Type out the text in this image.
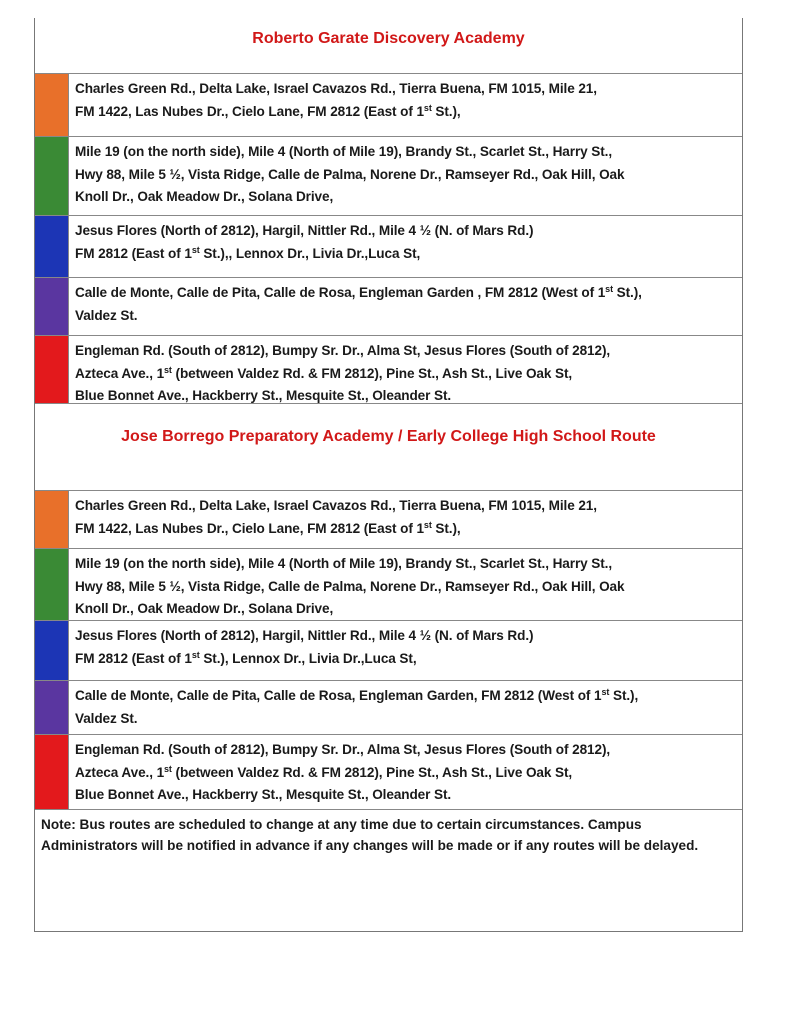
Roberto Garate Discovery Academy
Charles Green Rd., Delta Lake, Israel Cavazos Rd., Tierra Buena, FM 1015, Mile 21,
FM 1422, Las Nubes Dr., Cielo Lane, FM 2812 (East of 1st St.),
Mile 19 (on the north side), Mile 4 (North of Mile 19), Brandy St., Scarlet St., Harry St.,
Hwy 88, Mile 5 ½, Vista Ridge, Calle de Palma, Norene Dr., Ramseyer Rd., Oak Hill, Oak
Knoll Dr., Oak Meadow Dr., Solana Drive,
Jesus Flores (North of 2812), Hargil, Nittler Rd., Mile 4 ½ (N. of Mars Rd.)
FM 2812 (East of 1st St.),, Lennox Dr., Livia Dr.,Luca St,
Calle de Monte, Calle de Pita, Calle de Rosa, Engleman Garden , FM 2812 (West of 1st St.),
Valdez St.
Engleman Rd. (South of 2812), Bumpy Sr. Dr., Alma St, Jesus Flores (South of 2812),
Azteca Ave., 1st (between Valdez Rd. & FM 2812), Pine St., Ash St., Live Oak St,
Blue Bonnet Ave., Hackberry St., Mesquite St., Oleander St.
Jose Borrego Preparatory Academy / Early College High School Route
Charles Green Rd., Delta Lake, Israel Cavazos Rd., Tierra Buena, FM 1015, Mile 21,
FM 1422, Las Nubes Dr., Cielo Lane, FM 2812 (East of 1st St.),
Mile 19 (on the north side), Mile 4 (North of Mile 19), Brandy St., Scarlet St., Harry St.,
Hwy 88, Mile 5 ½, Vista Ridge, Calle de Palma, Norene Dr., Ramseyer Rd., Oak Hill, Oak
Knoll Dr., Oak Meadow Dr., Solana Drive,
Jesus Flores (North of 2812), Hargil, Nittler Rd., Mile 4 ½ (N. of Mars Rd.)
FM 2812 (East of 1st St.), Lennox Dr., Livia Dr.,Luca St,
Calle de Monte, Calle de Pita, Calle de Rosa, Engleman Garden, FM 2812 (West of 1st St.),
Valdez St.
Engleman Rd. (South of 2812), Bumpy Sr. Dr., Alma St, Jesus Flores (South of 2812),
Azteca Ave., 1st (between Valdez Rd. & FM 2812), Pine St., Ash St., Live Oak St,
Blue Bonnet Ave., Hackberry St., Mesquite St., Oleander St.
Note: Bus routes are scheduled to change at any time due to certain circumstances. Campus Administrators will be notified in advance if any changes will be made or if any routes will be delayed.
